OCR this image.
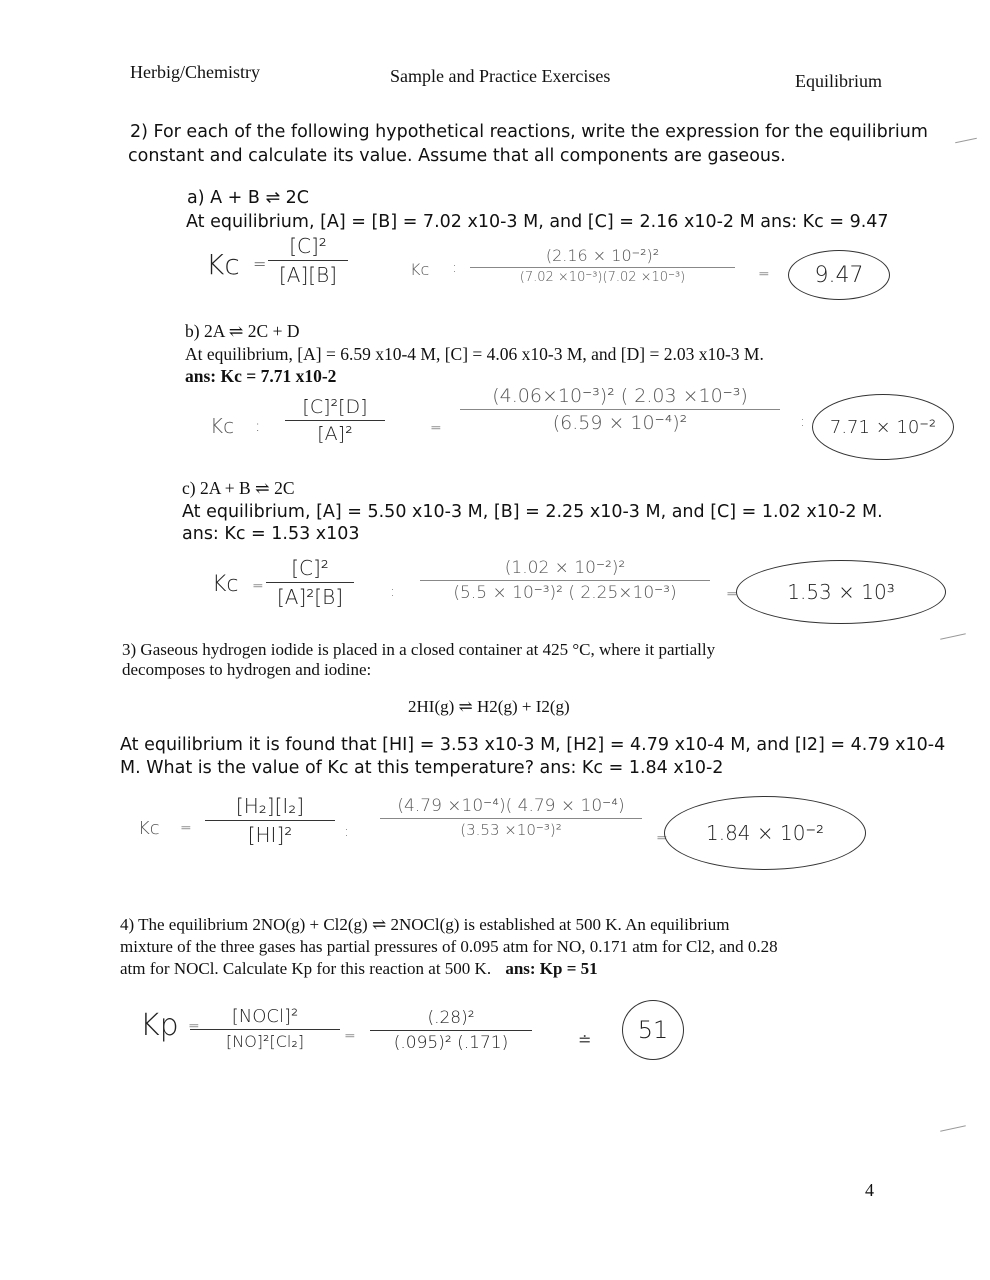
Herbig/Chemistry	Sample and Practice Exercises	Equilibrium
2) For each of the following hypothetical reactions, write the expression for the equilibrium
constant and calculate its value. Assume that all components are gaseous.
a) A + B ⇌ 2C
At equilibrium, [A] = [B] = 7.02 x10-3 M, and [C] = 2.16 x10-2 M ans: Kc = 9.47
Kc =
[C]²
[A][B]	Kc :
(2.16 × 10⁻²)²
(7.02 ×10⁻³)(7.02 ×10⁻³)	= 9.47
b) 2A ⇌ 2C + D
At equilibrium, [A] = 6.59 x10-4 M, [C] = 4.06 x10-3 M, and [D] = 2.03 x10-3 M.
ans: Kc = 7.71 x10-2
Kc :
[C]²[D]
[A]²	=
(4.06×10⁻³)² ( 2.03 ×10⁻³)
(6.59 × 10⁻⁴)²	: 7.71 × 10⁻²
c) 2A + B ⇌ 2C
At equilibrium, [A] = 5.50 x10-3 M, [B] = 2.25 x10-3 M, and [C] = 1.02 x10-2 M.
ans: Kc = 1.53 x103
Kc =
[C]²
[A]²[B]	:
(1.02 × 10⁻²)²
(5.5 × 10⁻³)² ( 2.25×10⁻³)	= 1.53 × 10³
3) Gaseous hydrogen iodide is placed in a closed container at 425 °C, where it partially
decomposes to hydrogen and iodine:
2HI(g) ⇌ H2(g) + I2(g)
At equilibrium it is found that [HI] = 3.53 x10-3 M, [H2] = 4.79 x10-4 M, and [I2] = 4.79 x10-4
M. What is the value of Kc at this temperature? ans: Kc = 1.84 x10-2
Kc =
[H₂][I₂]
[HI]²	:
(4.79 ×10⁻⁴)( 4.79 × 10⁻⁴)
(3.53 ×10⁻³)²	= 1.84 × 10⁻²
4) The equilibrium 2NO(g) + Cl2(g) ⇌ 2NOCl(g) is established at 500 K. An equilibrium
mixture of the three gases has partial pressures of 0.095 atm for NO, 0.171 atm for Cl2, and 0.28
atm for NOCl. Calculate Kp for this reaction at 500 K. ans: Kp = 51
Kp =	[NOCl]²
[NO]²[Cl₂]	=
(.28)²
(.095)² (.171)	≐ 51
4
